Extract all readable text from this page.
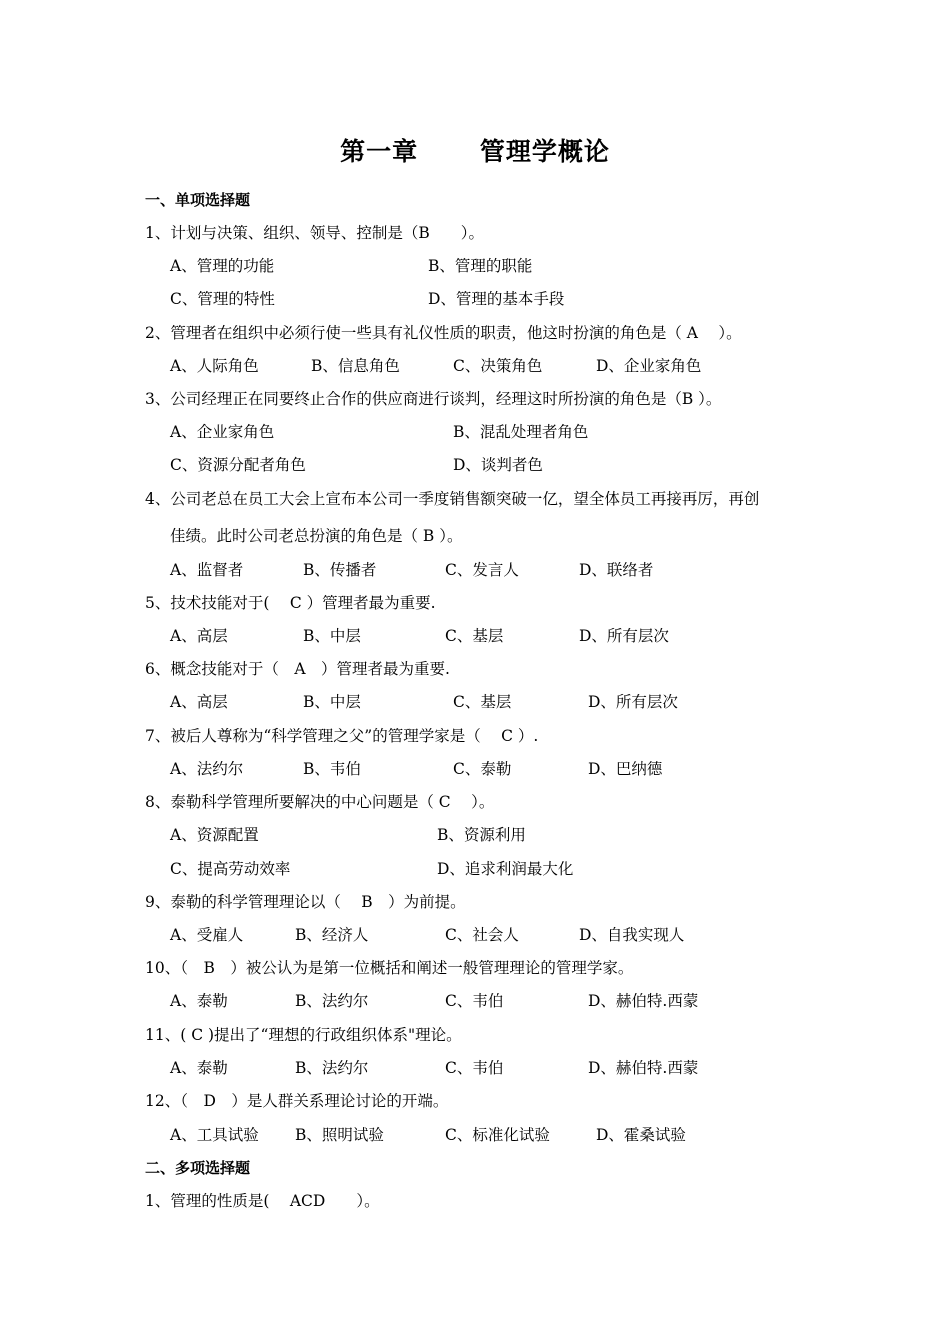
第一章　　 管理学概论
一、单项选择题
1、计划与决策、组织、领导、控制是（B　　）。
A、管理的功能	B、管理的职能
C、管理的特性	D、管理的基本手段
2、管理者在组织中必须行使一些具有礼仪性质的职责，他这时扮演的角色是（ A　 ）。
A、人际角色	B、信息角色	C、决策角色	D、企业家角色
3、公司经理正在同要终止合作的供应商进行谈判，经理这时所扮演的角色是（B ）。
A、企业家角色	B、混乱处理者角色
C、资源分配者角色	D、谈判者色
4、公司老总在员工大会上宣布本公司一季度销售额突破一亿，望全体员工再接再厉，再创
佳绩。此时公司老总扮演的角色是（ B ）。
A、监督者	B、传播者	C、发言人	D、联络者
5、技术技能对于(　 C ）管理者最为重要.
A、高层	B、中层	C、基层	D、所有层次
6、概念技能对于（　A　）管理者最为重要.
A、高层	B、中层	C、基层	D、所有层次
7、被后人尊称为“科学管理之父”的管理学家是（　 C ）.
A、法约尔	B、韦伯	C、泰勒	D、巴纳德
8、泰勒科学管理所要解决的中心问题是（ C　 ）。
A、资源配置	B、资源利用
C、提高劳动效率	D、追求利润最大化
9、泰勒的科学管理理论以（　 B　）为前提。
A、受雇人	B、经济人	C、社会人	D、自我实现人
10、（　B　）被公认为是第一位概括和阐述一般管理理论的管理学家。
A、泰勒	B、法约尔	C、韦伯	D、赫伯特.西蒙
11、( C )提出了“理想的行政组织体系"理论。
A、泰勒	B、法约尔	C、韦伯	D、赫伯特.西蒙
12、（　D　）是人群关系理论讨论的开端。
A、工具试验 B、照明试验	C、标准化试验	D、霍桑试验
二、多项选择题
1、管理的性质是(　 ACD　　）。
